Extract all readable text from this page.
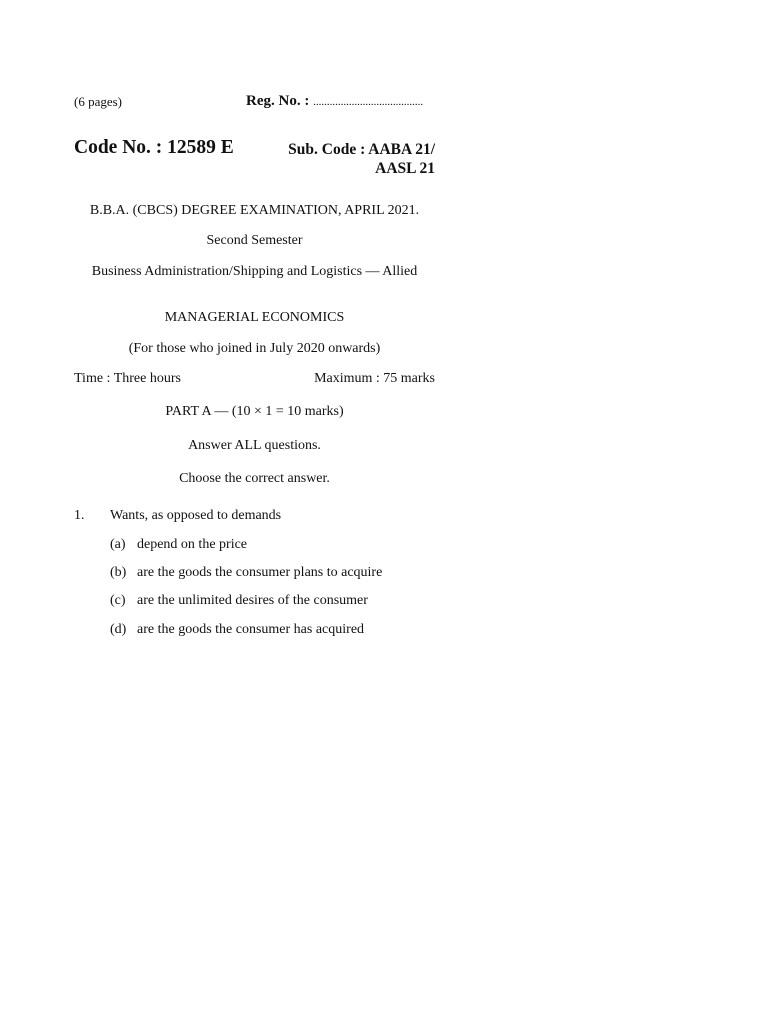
(6 pages)	Reg. No. : ........................................
Code No. : 12589 E	Sub. Code : AABA 21/
AASL 21
B.B.A. (CBCS) DEGREE EXAMINATION, APRIL 2021.
Second Semester
Business Administration/Shipping and Logistics — Allied
MANAGERIAL ECONOMICS
(For those who joined in July 2020 onwards)
Time : Three hours	Maximum : 75 marks
PART A — (10 × 1 = 10 marks)
Answer ALL questions.
Choose the correct answer.
1. Wants, as opposed to demands
(a) depend on the price
(b) are the goods the consumer plans to acquire
(c) are the unlimited desires of the consumer
(d) are the goods the consumer has acquired
